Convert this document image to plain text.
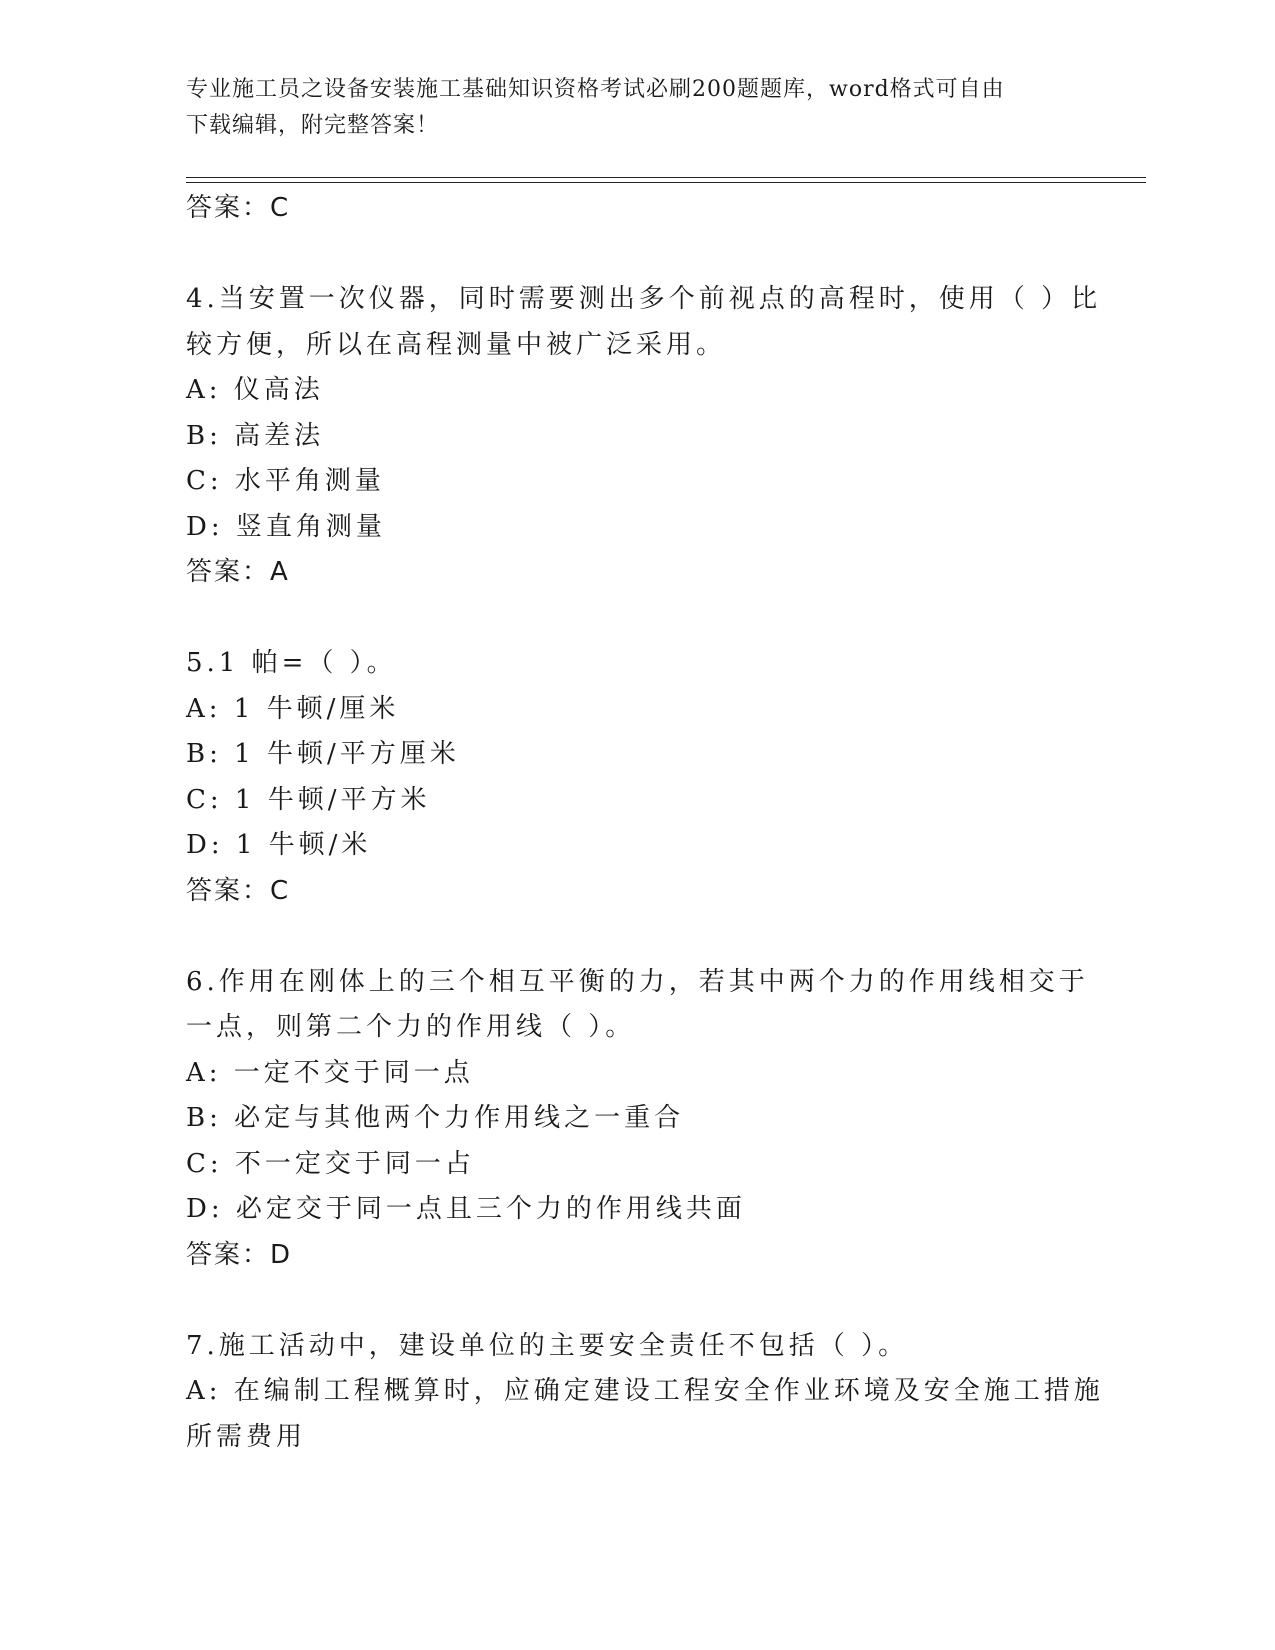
专业施工员之设备安装施工基础知识资格考试必刷200题题库，word格式可自由
下载编辑，附完整答案！
答案：C
4.当安置一次仪器，同时需要测出多个前视点的高程时，使用（ ）比
较方便，所以在高程测量中被广泛采用。
A: 仪高法
B: 高差法
C: 水平角测量
D: 竖直角测量
答案：A
5.1 帕=（ ）。
A: 1 牛顿/厘米
B: 1 牛顿/平方厘米
C: 1 牛顿/平方米
D: 1 牛顿/米
答案：C
6.作用在刚体上的三个相互平衡的力，若其中两个力的作用线相交于
一点，则第二个力的作用线（ ）。
A: 一定不交于同一点
B: 必定与其他两个力作用线之一重合
C: 不一定交于同一占
D: 必定交于同一点且三个力的作用线共面
答案：D
7.施工活动中，建设单位的主要安全责任不包括（ ）。
A: 在编制工程概算时，应确定建设工程安全作业环境及安全施工措施
所需费用
